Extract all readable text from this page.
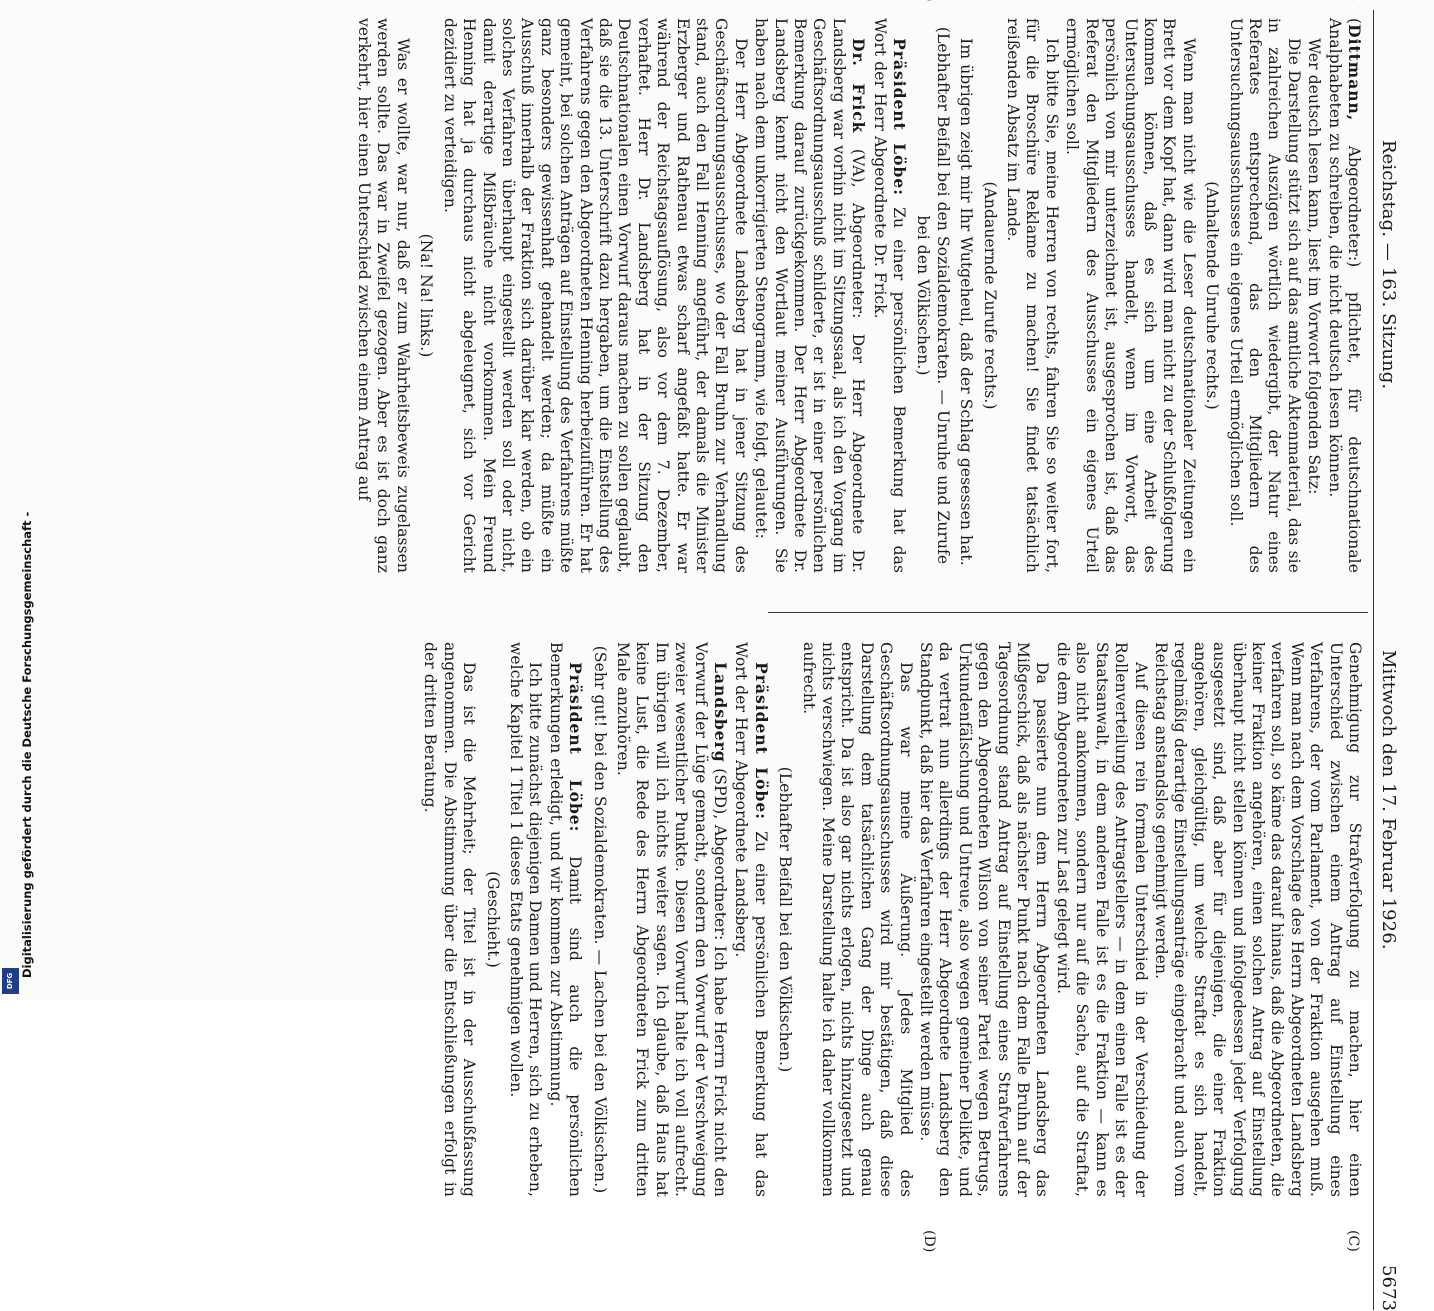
Reichstag. — 163. Sitzung.
Mittwoch den 17. Februar 1926.
5673
(C)
(D)

(Dittmann, Abgeordneter:) pflichtet, für deutschnationale Analphabeten zu schreiben, die nicht deutsch lesen können.

Wer deutsch lesen kann, liest im Vorwort folgenden Satz:

Die Darstellung stützt sich auf das amtliche Aktenmaterial, das sie in zahlreichen Auszügen wörtlich wiedergibt, der Natur eines Referates entsprechend, das den Mitgliedern des Untersuchungsausschusses ein eigenes Urteil ermöglichen soll.

(Anhaltende Unruhe rechts.)

Wenn man nicht wie die Leser deutschnationaler Zeitungen ein Brett vor dem Kopf hat, dann wird man nicht zu der Schlußfolgerung kommen können, daß es sich um eine Arbeit des Untersuchungsausschusses handelt, wenn im Vorwort, das persönlich von mir unterzeichnet ist, ausgesprochen ist, daß das Referat den Mitgliedern des Ausschusses ein eigenes Urteil ermöglichen soll.

Ich bitte Sie, meine Herren von rechts, fahren Sie so weiter fort, für die Broschüre Reklame zu machen! Sie findet tatsächlich reißenden Absatz im Lande.

(Andauernde Zurufe rechts.)

Im übrigen zeigt mir Ihr Wutgeheul, daß der Schlag gesessen hat.

(Lebhafter Beifall bei den Sozialdemokraten. — Unruhe und Zurufe bei den Völkischen.)

Präsident Löbe: Zu einer persönlichen Bemerkung hat das Wort der Herr Abgeordnete Dr. Frick.

Dr. Frick (VA), Abgeordneter: Der Herr Abgeordnete Dr. Landsberg war vorhin nicht im Sitzungssaal, als ich den Vorgang im Geschäftsordnungsausschuß schilderte, er ist in einer persönlichen Bemerkung darauf zurückgekommen. Der Herr Abgeordnete Dr. Landsberg kennt nicht den Wortlaut meiner Ausführungen. Sie haben nach dem unkorrigierten Stenogramm, wie folgt, gelautet:

Der Herr Abgeordnete Landsberg hat in jener Sitzung des Geschäftsordnungsausschusses, wo der Fall Bruhn zur Verhandlung stand, auch den Fall Henning angeführt, der damals die Minister Erzberger und Rathenau etwas scharf angefaßt hatte. Er war während der Reichstagsauflösung, also vor dem 7. Dezember, verhaftet. Herr Dr. Landsberg hat in der Sitzung den Deutschnationalen einen Vorwurf daraus machen zu sollen geglaubt, daß sie die 13. Unterschrift dazu hergaben, um die Einstellung des Verfahrens gegen den Abgeordneten Henning herbeizuführen. Er hat gemeint, bei solchen Anträgen auf Einstellung des Verfahrens müßte ganz besonders gewissenhaft gehandelt werden; da müßte ein Ausschuß innerhalb der Fraktion sich darüber klar werden, ob ein solches Verfahren überhaupt eingestellt werden soll oder nicht, damit derartige Mißbräuche nicht vorkommen. Mein Freund Henning hat ja durchaus nicht abgeleugnet, sich vor Gericht dezidiert zu verteidigen.

(Na! Na! links.)

Was er wollte, war nur, daß er zum Wahrheitsbeweis zugelassen werden sollte. Das war in Zweifel gezogen. Aber es ist doch ganz verkehrt, hier einen Unterschied zwischen einem Antrag auf

Genehmigung zur Strafverfolgung zu machen, hier einen Unterschied zwischen einem Antrag auf Einstellung eines Verfahrens, der vom Parlament, von der Fraktion ausgehen muß. Wenn man nach dem Vorschlage des Herrn Abgeordneten Landsberg verfahren soll, so käme das darauf hinaus, daß die Abgeordneten, die keiner Fraktion angehören, einen solchen Antrag auf Einstellung überhaupt nicht stellen können und infolgedessen jeder Verfolgung ausgesetzt sind, daß aber für diejenigen, die einer Fraktion angehören, gleichgültig, um welche Straftat es sich handelt, regelmäßig derartige Einstellungsanträge eingebracht und auch vom Reichstag anstandslos genehmigt werden.

Auf diesen rein formalen Unterschied in der Verschiedung der Rollenverteilung des Antragstellers — in dem einen Falle ist es der Staatsanwalt, in dem anderen Falle ist es die Fraktion — kann es also nicht ankommen, sondern nur auf die Sache, auf die Straftat, die dem Abgeordneten zur Last gelegt wird.

Da passierte nun dem Herrn Abgeordneten Landsberg das Mißgeschick, daß als nächster Punkt nach dem Falle Bruhn auf der Tagesordnung stand Antrag auf Einstellung eines Strafverfahrens gegen den Abgeordneten Wilson von seiner Partei wegen Betrugs, Urkundenfälschung und Untreue, also wegen gemeiner Delikte, und da vertrat nun allerdings der Herr Abgeordnete Landsberg den Standpunkt, daß hier das Verfahren eingestellt werden müsse.

Das war meine Äußerung. Jedes Mitglied des Geschäftsordnungsausschusses wird mir bestätigen, daß diese Darstellung dem tatsächlichen Gang der Dinge auch genau entspricht. Da ist also gar nichts erlogen, nichts hinzugesetzt und nichts verschwiegen. Meine Darstellung halte ich daher vollkommen aufrecht.

(Lebhafter Beifall bei den Völkischen.)

Präsident Löbe: Zu einer persönlichen Bemerkung hat das Wort der Herr Abgeordnete Landsberg.

Landsberg (SPD), Abgeordneter: Ich habe Herrn Frick nicht den Vorwurf der Lüge gemacht, sondern den Vorwurf der Verschweigung zweier wesentlicher Punkte. Diesen Vorwurf halte ich voll aufrecht. Im übrigen will ich nichts weiter sagen. Ich glaube, daß Haus hat keine Lust, die Rede des Herrn Abgeordneten Frick zum dritten Male anzuhören.

(Sehr gut! bei den Sozialdemokraten. — Lachen bei den Völkischen.)

Präsident Löbe: Damit sind auch die persönlichen Bemerkungen erledigt, und wir kommen zur Abstimmung.

Ich bitte zunächst diejenigen Damen und Herren, sich zu erheben, welche Kapitel 1 Titel 1 dieses Etats genehmigen wollen.

(Geschieht.)

Das ist die Mehrheit; der Titel ist in der Ausschußfassung angenommen. Die Abstimmung über die Entschließungen erfolgt in der dritten Beratung.

Digitalisierung gefördert durch die Deutsche Forschungsgemeinschaft -
DFG
